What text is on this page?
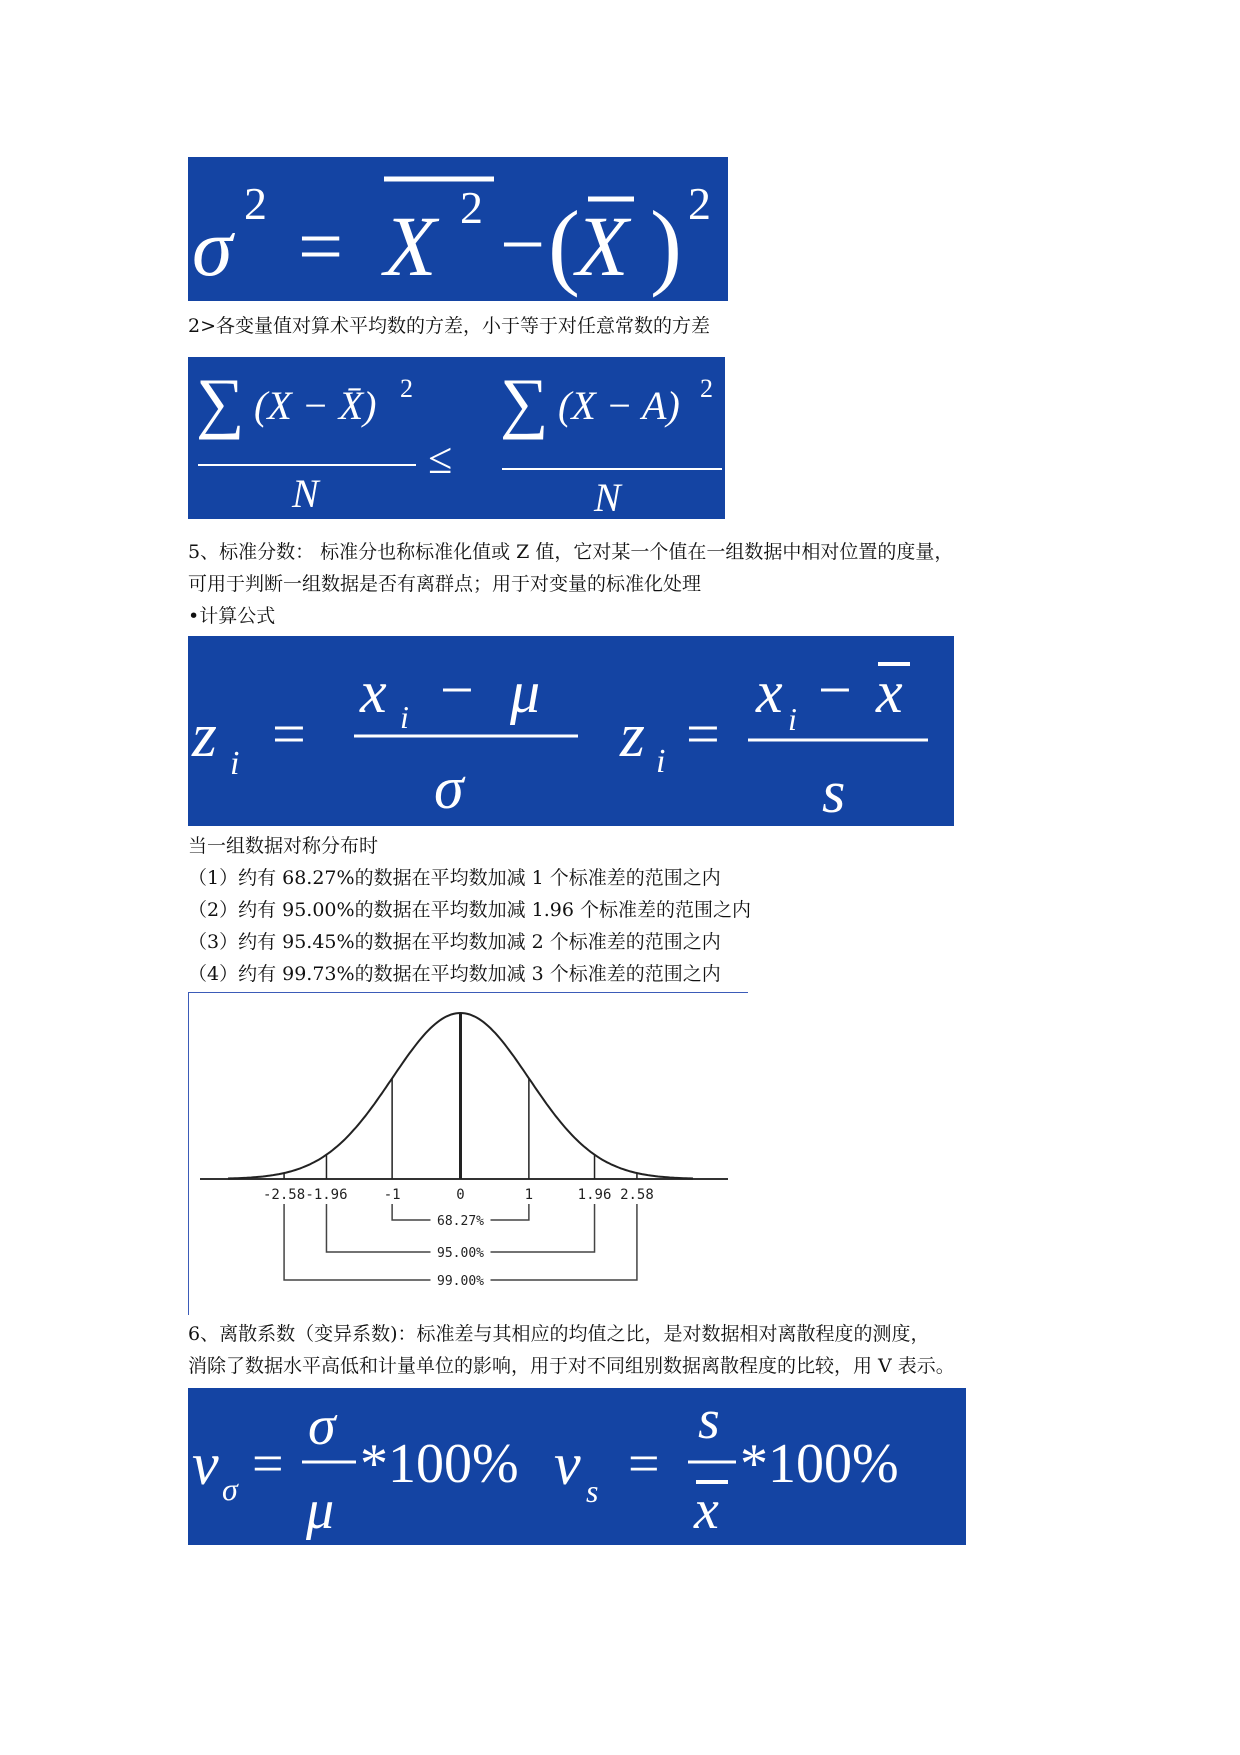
σ 2 = X 2 − (
X ) 2
2>各变量值对算术平均数的方差，小于等于对任意常数的方差
∑ (X − X̄) 2
N
≤
∑ (X − A) 2
N
5、标准分数： 标准分也称标准化值或 Z 值，它对某一个值在一组数据中相对位置的度量，
可用于判断一组数据是否有离群点；用于对变量的标准化处理
•计算公式
z i =
x i − μ
σ
z i =
x i − x
s
当一组数据对称分布时
（1）约有 68.27%的数据在平均数加减 1 个标准差的范围之内
（2）约有 95.00%的数据在平均数加减 1.96 个标准差的范围之内
（3）约有 95.45%的数据在平均数加减 2 个标准差的范围之内
（4）约有 99.73%的数据在平均数加减 3 个标准差的范围之内
-2.58 -1.96	-1	0	1	1.96 2.58
68.27%
95.00%
99.00%
6、离散系数（变异系数)：标准差与其相应的均值之比，是对数据相对离散程度的测度，
消除了数据水平高低和计量单位的影响，用于对不同组别数据离散程度的比较，用 V 表示。
v σ =
σ
μ
*100% v s =
s
x
*100%
